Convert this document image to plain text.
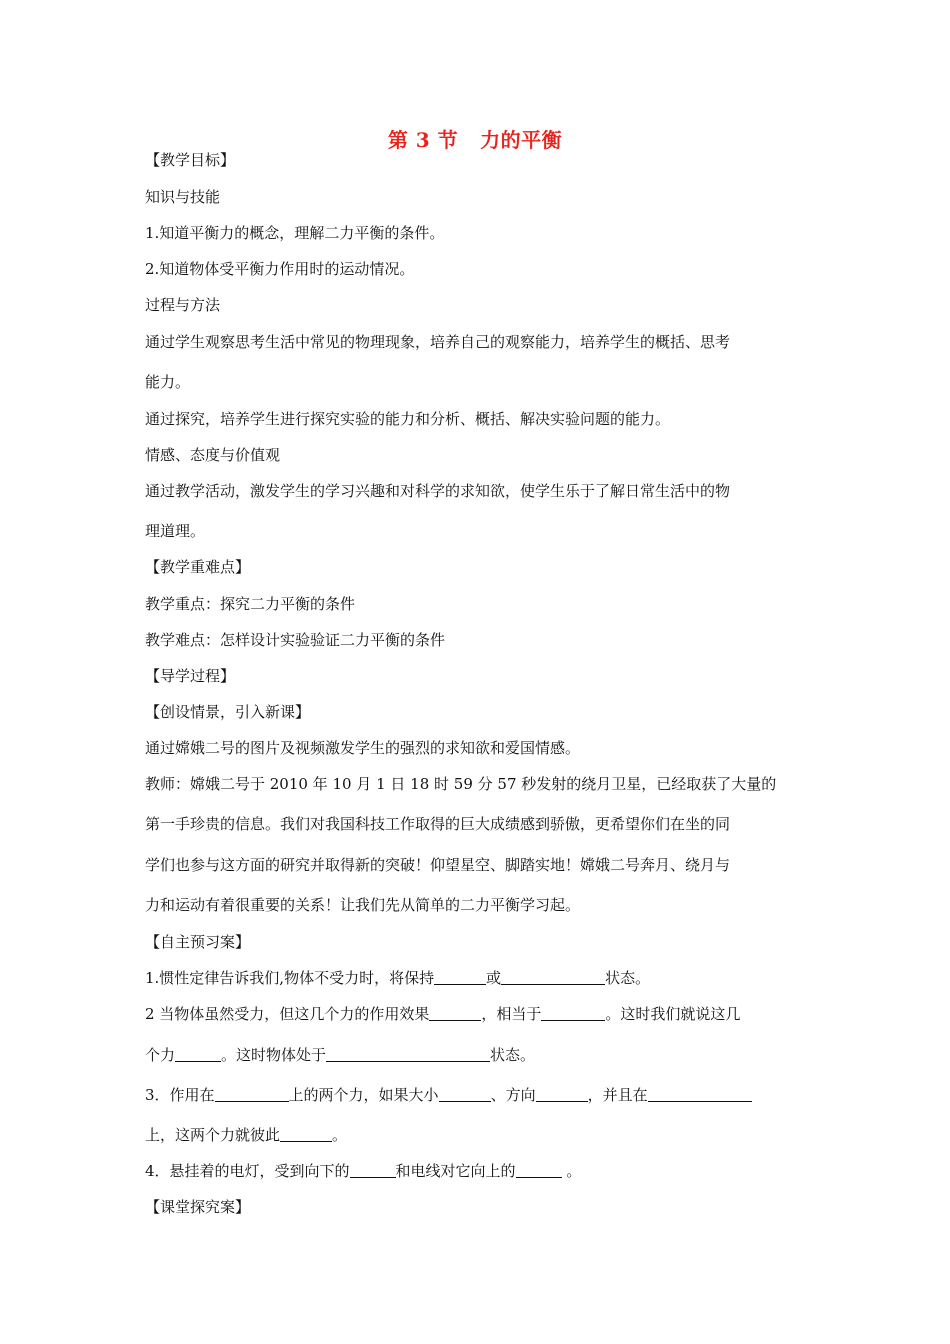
第 3 节 力的平衡
【教学目标】
知识与技能
1.知道平衡力的概念，理解二力平衡的条件。
2.知道物体受平衡力作用时的运动情况。
过程与方法
通过学生观察思考生活中常见的物理现象，培养自己的观察能力，培养学生的概括、思考
能力。
通过探究，培养学生进行探究实验的能力和分析、概括、解决实验问题的能力。
情感、态度与价值观
通过教学活动，激发学生的学习兴趣和对科学的求知欲，使学生乐于了解日常生活中的物
理道理。
【教学重难点】
教学重点：探究二力平衡的条件
教学难点：怎样设计实验验证二力平衡的条件
【导学过程】
【创设情景，引入新课】
通过嫦娥二号的图片及视频激发学生的强烈的求知欲和爱国情感。
教师：嫦娥二号于 2010 年 10 月 1 日 18 时 59 分 57 秒发射的绕月卫星，已经取获了大量的
第一手珍贵的信息。我们对我国科技工作取得的巨大成绩感到骄傲，更希望你们在坐的同
学们也参与这方面的研究并取得新的突破！仰望星空、脚踏实地！嫦娥二号奔月、绕月与
力和运动有着很重要的关系！让我们先从简单的二力平衡学习起。
【自主预习案】
1.惯性定律告诉我们,物体不受力时，将保持	或	状态。
2 当物体虽然受力，但这几个力的作用效果	，相当于	。这时我们就说这几
个力	。这时物体处于	状态。
3．作用在	上的两个力，如果大小	、方向	，并且在
上，这两个力就彼此	。
4．悬挂着的电灯，受到向下的	和电线对它向上的	。
【课堂探究案】
